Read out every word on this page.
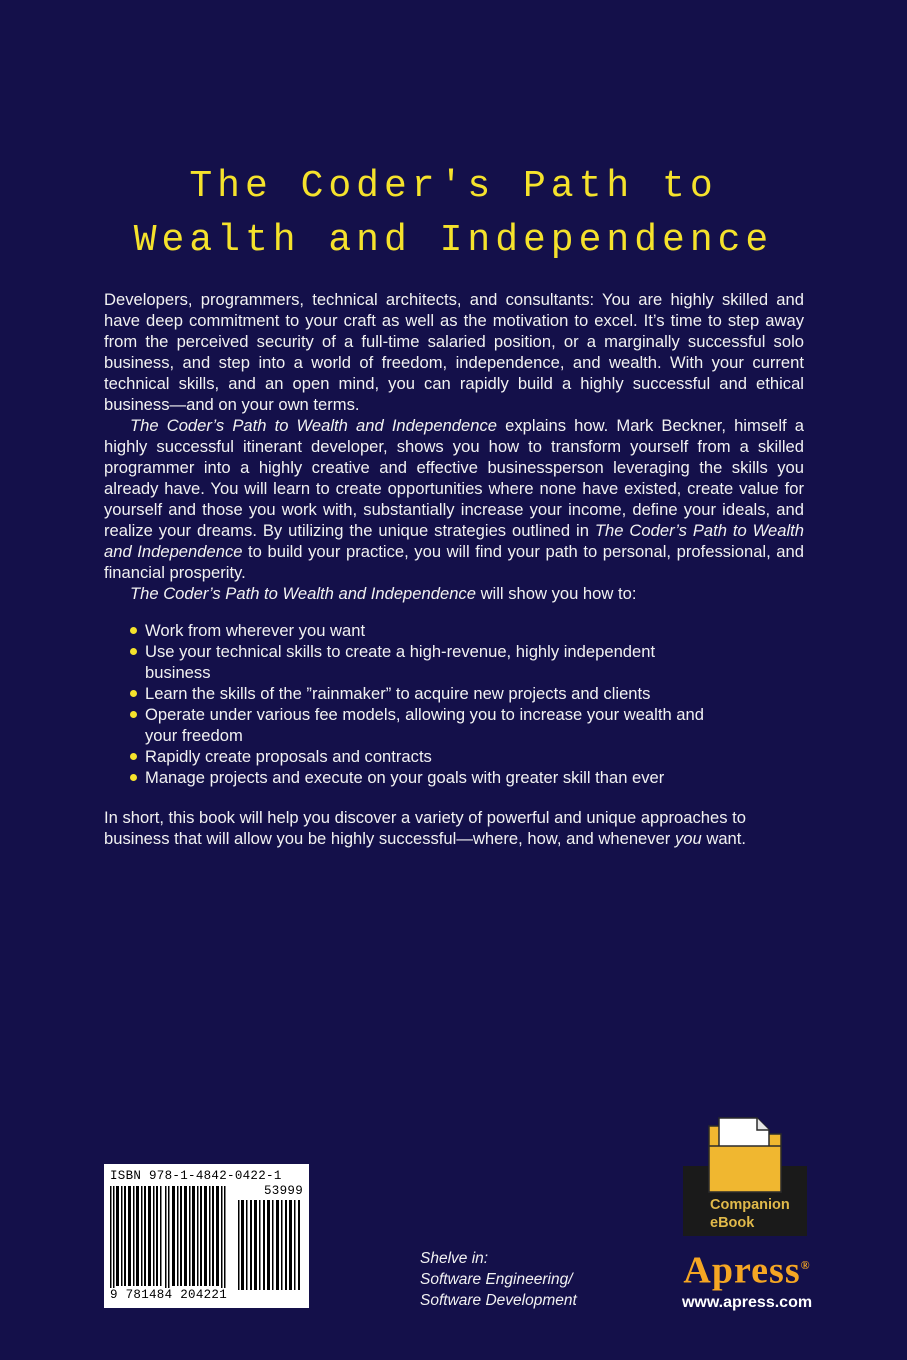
The Coder's Path to
Wealth and Independence

Developers, programmers, technical architects, and consultants: You are highly skilled and have deep commitment to your craft as well as the motivation to excel. It’s time to step away from the perceived security of a full-time salaried position, or a marginally successful solo business, and step into a world of freedom, independence, and wealth. With your current technical skills, and an open mind, you can rapidly build a highly successful and ethical business—and on your own terms.

The Coder’s Path to Wealth and Independence explains how. Mark Beckner, himself a highly successful itinerant developer, shows you how to transform yourself from a skilled programmer into a highly creative and effective businessperson leveraging the skills you already have. You will learn to create opportunities where none have existed, create value for yourself and those you work with, substantially increase your income, define your ideals, and realize your dreams. By utilizing the unique strategies outlined in The Coder’s Path to Wealth and Independence to build your practice, you will find your path to personal, professional, and financial prosperity.

The Coder’s Path to Wealth and Independence will show you how to:

Work from wherever you want
Use your technical skills to create a high-revenue, highly independent business
Learn the skills of the ”rainmaker” to acquire new projects and clients
Operate under various fee models, allowing you to increase your wealth and your freedom
Rapidly create proposals and contracts
Manage projects and execute on your goals with greater skill than ever

In short, this book will help you discover a variety of powerful and unique approaches to business that will allow you be highly successful—where, how, and whenever you want.

ISBN 978-1-4842-0422-1
53999
9 781484 204221
Shelve in:
Software Engineering/
Software Development
Companion
eBook
Apress®
www.apress.com
